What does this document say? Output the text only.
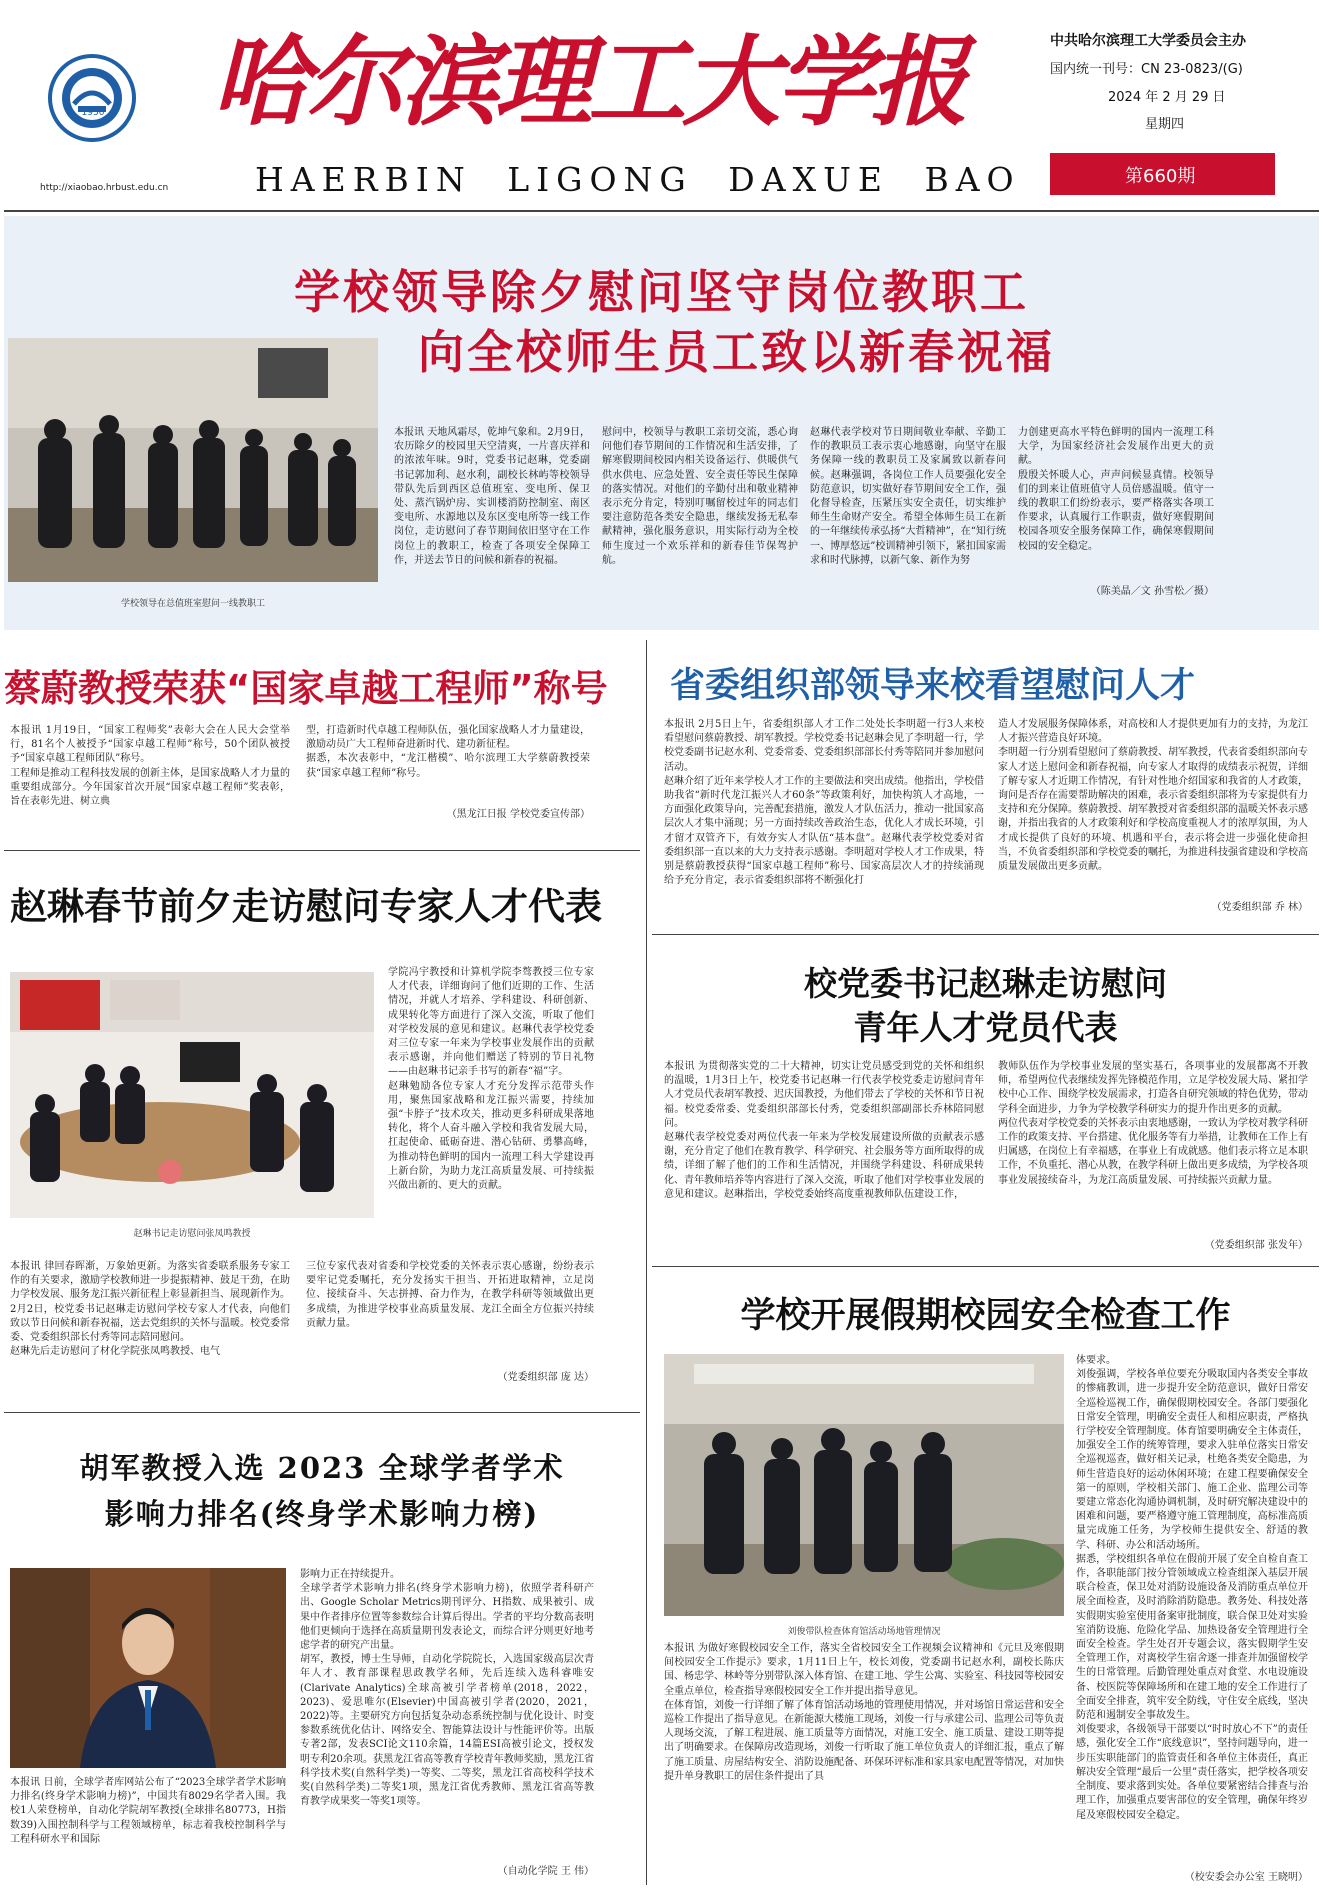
1950
http://xiaobao.hrbust.edu.cn
哈尔滨理工大学报
HAERBIN LIGONG DAXUE BAO
中共哈尔滨理工大学委员会主办
国内统一刊号：CN 23-0823/(G)
2024 年 2 月 29 日
星期四
第660期
学校领导除夕慰问坚守岗位教职工
向全校师生员工致以新春祝福
学校领导在总值班室慰问一线教职工
本报讯 天地风霜尽，乾坤气象和。2月9日，农历除夕的校园里天空清爽，一片喜庆祥和的浓浓年味。9时，党委书记赵琳，党委副书记郭加利、赵水利，副校长林屿等校领导带队先后到西区总值班室、变电所、保卫处、蒸汽锅炉房、实训楼消防控制室、南区变电所、水源地以及东区变电所等一线工作岗位，走访慰问了春节期间依旧坚守在工作岗位上的教职工，检查了各项安全保障工作，并送去节日的问候和新春的祝福。
慰问中，校领导与教职工亲切交流，悉心询问他们春节期间的工作情况和生活安排，了解寒假期间校园内相关设备运行、供暖供气供水供电、应急处置、安全责任等民生保障的落实情况。对他们的辛勤付出和敬业精神表示充分肯定，特别叮嘱留校过年的同志们要注意防范各类安全隐患，继续发扬无私奉献精神，强化服务意识，用实际行动为全校师生度过一个欢乐祥和的新春佳节保驾护航。
赵琳代表学校对节日期间敬业奉献、辛勤工作的教职员工表示衷心地感谢，向坚守在服务保障一线的教职员工及家属致以新春问候。赵琳强调，各岗位工作人员要强化安全防范意识，切实做好春节期间安全工作，强化督导检查，压紧压实安全责任，切实维护师生生命财产安全。希望全体师生员工在新的一年继续传承弘扬“大哲精神”，在“知行统一、博厚悠远”校训精神引领下，紧扣国家需求和时代脉搏，以新气象、新作为努
力创建更高水平特色鲜明的国内一流理工科大学，为国家经济社会发展作出更大的贡献。
殷殷关怀暖人心，声声问候显真情。校领导们的到来让值班值守人员倍感温暖。值守一线的教职工们纷纷表示，要严格落实各项工作要求，认真履行工作职责，做好寒假期间校园各项安全服务保障工作，确保寒假期间校园的安全稳定。
（陈美晶／文 孙雪松／摄）
蔡蔚教授荣获“国家卓越工程师”称号
本报讯 1月19日，“国家工程师奖”表彰大会在人民大会堂举行，81名个人被授予“国家卓越工程师”称号，50个团队被授予“国家卓越工程师团队”称号。
工程师是推动工程科技发展的创新主体，是国家战略人才力量的重要组成部分。今年国家首次开展“国家卓越工程师”奖表彰，旨在表彰先进、树立典
型，打造新时代卓越工程师队伍，强化国家战略人才力量建设，激励动员广大工程师奋进新时代、建功新征程。
据悉，本次表彰中，“龙江楷模”、哈尔滨理工大学蔡蔚教授荣获“国家卓越工程师”称号。
（黑龙江日报 学校党委宣传部）
赵琳春节前夕走访慰问专家人才代表
赵琳书记走访慰问张凤鸣教授
学院冯宇教授和计算机学院李骜教授三位专家人才代表，详细询问了他们近期的工作、生活情况，并就人才培养、学科建设、科研创新、成果转化等方面进行了深入交流，听取了他们对学校发展的意见和建议。赵琳代表学校党委对三位专家一年来为学校事业发展作出的贡献表示感谢，并向他们赠送了特别的节日礼物——由赵琳书记亲手书写的新春“福”字。
赵琳勉励各位专家人才充分发挥示范带头作用，聚焦国家战略和龙江振兴需要，持续加强“卡脖子”技术攻关，推动更多科研成果落地转化，将个人奋斗融入学校和我省发展大局，扛起使命、砥砺奋进、潜心钻研、勇攀高峰，为推动特色鲜明的国内一流理工科大学建设再上新台阶，为助力龙江高质量发展、可持续振兴做出新的、更大的贡献。
本报讯 律回春晖渐，万象始更新。为落实省委联系服务专家工作的有关要求，激励学校教师进一步提振精神、鼓足干劲，在助力学校发展、服务龙江振兴新征程上彰显新担当、展现新作为。2月2日，校党委书记赵琳走访慰问学校专家人才代表，向他们致以节日问候和新春祝福，送去党组织的关怀与温暖。校党委常委、党委组织部长付秀等同志陪同慰问。
赵琳先后走访慰问了材化学院张凤鸣教授、电气
三位专家代表对省委和学校党委的关怀表示衷心感谢，纷纷表示要牢记党委嘱托，充分发扬实干担当、开拓进取精神，立足岗位、接续奋斗、矢志拼搏、奋力作为，在教学科研等领域做出更多成绩，为推进学校事业高质量发展、龙江全面全方位振兴持续贡献力量。
（党委组织部 庞 达）
胡军教授入选 2023 全球学者学术
影响力排名(终身学术影响力榜)
本报讯 日前，全球学者库网站公布了“2023全球学者学术影响力排名(终身学术影响力榜)”，中国共有8029名学者入围。我校1人荣登榜单，自动化学院胡军教授(全球排名80773，H指数39)入围控制科学与工程领域榜单，标志着我校控制科学与工程科研水平和国际
影响力正在持续提升。
全球学者学术影响力排名(终身学术影响力榜)，依照学者科研产出、Google Scholar Metrics期刊评分、H指数、成果被引、成果中作者排序位置等参数综合计算后得出。学者的平均分数高表明他们更倾向于选择在高质量期刊发表论文，而综合评分则更好地考虑学者的研究产出量。
胡军，教授，博士生导师，自动化学院院长，入选国家级高层次青年人才、教育部课程思政教学名师，先后连续入选科睿唯安(Clarivate Analytics)全球高被引学者榜单(2018，2022，2023)、爱思唯尔(Elsevier)中国高被引学者(2020，2021，2022)等。主要研究方向包括复杂动态系统控制与优化设计、时变参数系统优化估计、网络安全、智能算法设计与性能评价等。出版专著2部，发表SCI论文110余篇，14篇ESI高被引论文，授权发明专利20余项。获黑龙江省高等教育学校青年教师奖励，黑龙江省科学技术奖(自然科学类)一等奖、二等奖，黑龙江省高校科学技术奖(自然科学类)二等奖1项，黑龙江省优秀教师、黑龙江省高等教育教学成果奖一等奖1项等。
（自动化学院 王 伟）
省委组织部领导来校看望慰问人才
本报讯 2月5日上午，省委组织部人才工作二处处长李明超一行3人来校看望慰问蔡蔚教授、胡军教授。学校党委书记赵琳会见了李明超一行，学校党委副书记赵水利、党委常委、党委组织部部长付秀等陪同并参加慰问活动。
赵琳介绍了近年来学校人才工作的主要做法和突出成绩。他指出，学校借助我省“新时代龙江振兴人才60条”等政策利好，加快构筑人才高地，一方面强化政策导向，完善配套措施，激发人才队伍活力，推动一批国家高层次人才集中涌现；另一方面持续改善政治生态，优化人才成长环境，引才留才双管齐下，有效夯实人才队伍“基本盘”。赵琳代表学校党委对省委组织部一直以来的大力支持表示感谢。李明超对学校人才工作成果，特别是蔡蔚教授获得“国家卓越工程师”称号、国家高层次人才的持续涌现给予充分肯定，表示省委组织部将不断强化打
造人才发展服务保障体系，对高校和人才提供更加有力的支持，为龙江人才振兴营造良好环境。
李明超一行分别看望慰问了蔡蔚教授、胡军教授，代表省委组织部向专家人才送上慰问金和新春祝福，向专家人才取得的成绩表示祝贺，详细了解专家人才近期工作情况，有针对性地介绍国家和我省的人才政策，询问是否存在需要帮助解决的困难，表示省委组织部将为专家提供有力支持和充分保障。蔡蔚教授、胡军教授对省委组织部的温暖关怀表示感谢，并指出我省的人才政策利好和学校高度重视人才的浓厚氛围，为人才成长提供了良好的环境、机遇和平台，表示将会进一步强化使命担当，不负省委组织部和学校党委的嘱托，为推进科技强省建设和学校高质量发展做出更多贡献。
（党委组织部 乔 林）
校党委书记赵琳走访慰问
青年人才党员代表
本报讯 为贯彻落实党的二十大精神，切实让党员感受到党的关怀和组织的温暖，1月3日上午，校党委书记赵琳一行代表学校党委走访慰问青年人才党员代表胡军教授、迟庆国教授，为他们带去了学校的关怀和节日祝福。校党委常委、党委组织部部长付秀，党委组织部副部长乔林陪同慰问。
赵琳代表学校党委对两位代表一年来为学校发展建设所做的贡献表示感谢，充分肯定了他们在教育教学、科学研究、社会服务等方面所取得的成绩，详细了解了他们的工作和生活情况，并围绕学科建设、科研成果转化、青年教师培养等内容进行了深入交流，听取了他们对学校事业发展的意见和建议。赵琳指出，学校党委始终高度重视教师队伍建设工作，
教师队伍作为学校事业发展的坚实基石，各项事业的发展都离不开教师，希望两位代表继续发挥先锋模范作用，立足学校发展大局、紧扣学校中心工作、围绕学校发展需求，打造各自研究领域的特色优势，带动学科全面进步，力争为学校教学科研实力的提升作出更多的贡献。
两位代表对学校党委的关怀表示由衷地感谢，一致认为学校对教学科研工作的政策支持、平台搭建、优化服务等有力举措，让教师在工作上有归属感，在岗位上有幸福感，在事业上有成就感。他们表示将立足本职工作，不负重托、潜心从教，在教学科研上做出更多成绩，为学校各项事业发展接续奋斗，为龙江高质量发展、可持续振兴贡献力量。
（党委组织部 张发年）
学校开展假期校园安全检查工作
刘俊带队检查体育馆活动场地管理情况
本报讯 为做好寒假校园安全工作，落实全省校园安全工作视频会议精神和《元旦及寒假期间校园安全工作提示》要求，1月11日上午，校长刘俊，党委副书记赵水利，副校长陈庆国、杨忠学、林岭等分别带队深入体育馆、在建工地、学生公寓、实验室、科技园等校园安全重点单位，检查指导寒假校园安全工作并提出指导意见。
在体育馆，刘俊一行详细了解了体育馆活动场地的管理使用情况，并对场馆日常运营和安全巡检工作提出了指导意见。在新能源大楼施工现场，刘俊一行与承建公司、监理公司等负责人现场交流，了解工程进展、施工质量等方面情况，对施工安全、施工质量、建设工期等提出了明确要求。在保障房改造现场，刘俊一行听取了施工单位负责人的详细汇报，重点了解了施工质量、房屋结构安全、消防设施配备、环保环评标准和家具家电配置等情况，对加快提升单身教职工的居住条件提出了具
体要求。
刘俊强调，学校各单位要充分吸取国内各类安全事故的惨痛教训，进一步提升安全防范意识，做好日常安全巡检巡视工作，确保假期校园安全。各部门要强化日常安全管理，明确安全责任人和相应职责，严格执行学校安全管理制度。体育馆要明确安全主体责任，加强安全工作的统筹管理，要求入驻单位落实日常安全巡视巡查，做好相关记录，杜绝各类安全隐患，为师生营造良好的运动休闲环境；在建工程要确保安全第一的原则，学校相关部门、施工企业、监理公司等要建立常态化沟通协调机制，及时研究解决建设中的困难和问题，要严格遵守施工管理制度，高标准高质量完成施工任务，为学校师生提供安全、舒适的教学、科研、办公和活动场所。
据悉，学校组织各单位在假前开展了安全自检自查工作，各职能部门按分管领域成立检查组深入基层开展联合检查，保卫处对消防设施设备及消防重点单位开展全面检查，及时消除消防隐患。教务处、科技处落实假期实验室使用备案审批制度，联合保卫处对实验室消防设施、危险化学品、加热设备安全管理进行全面安全检查。学生处召开专题会议，落实假期学生安全管理工作，对离校学生宿舍逐一排查并加强留校学生的日常管理。后勤管理处重点对食堂、水电设施设备、校医院等保障场所和在建工地的安全工作进行了全面安全排查，筑牢安全防线，守住安全底线，坚决防范和遏制安全事故发生。
刘俊要求，各级领导干部要以“时时放心不下”的责任感，强化安全工作“底线意识”，坚持问题导向，进一步压实职能部门的监管责任和各单位主体责任，真正解决安全管理“最后一公里”责任落实，把学校各项安全制度、要求落到实处。各单位要紧密结合排查与治理工作，加强重点要害部位的安全管理，确保年终岁尾及寒假校园安全稳定。
（校安委会办公室 王晓明）
